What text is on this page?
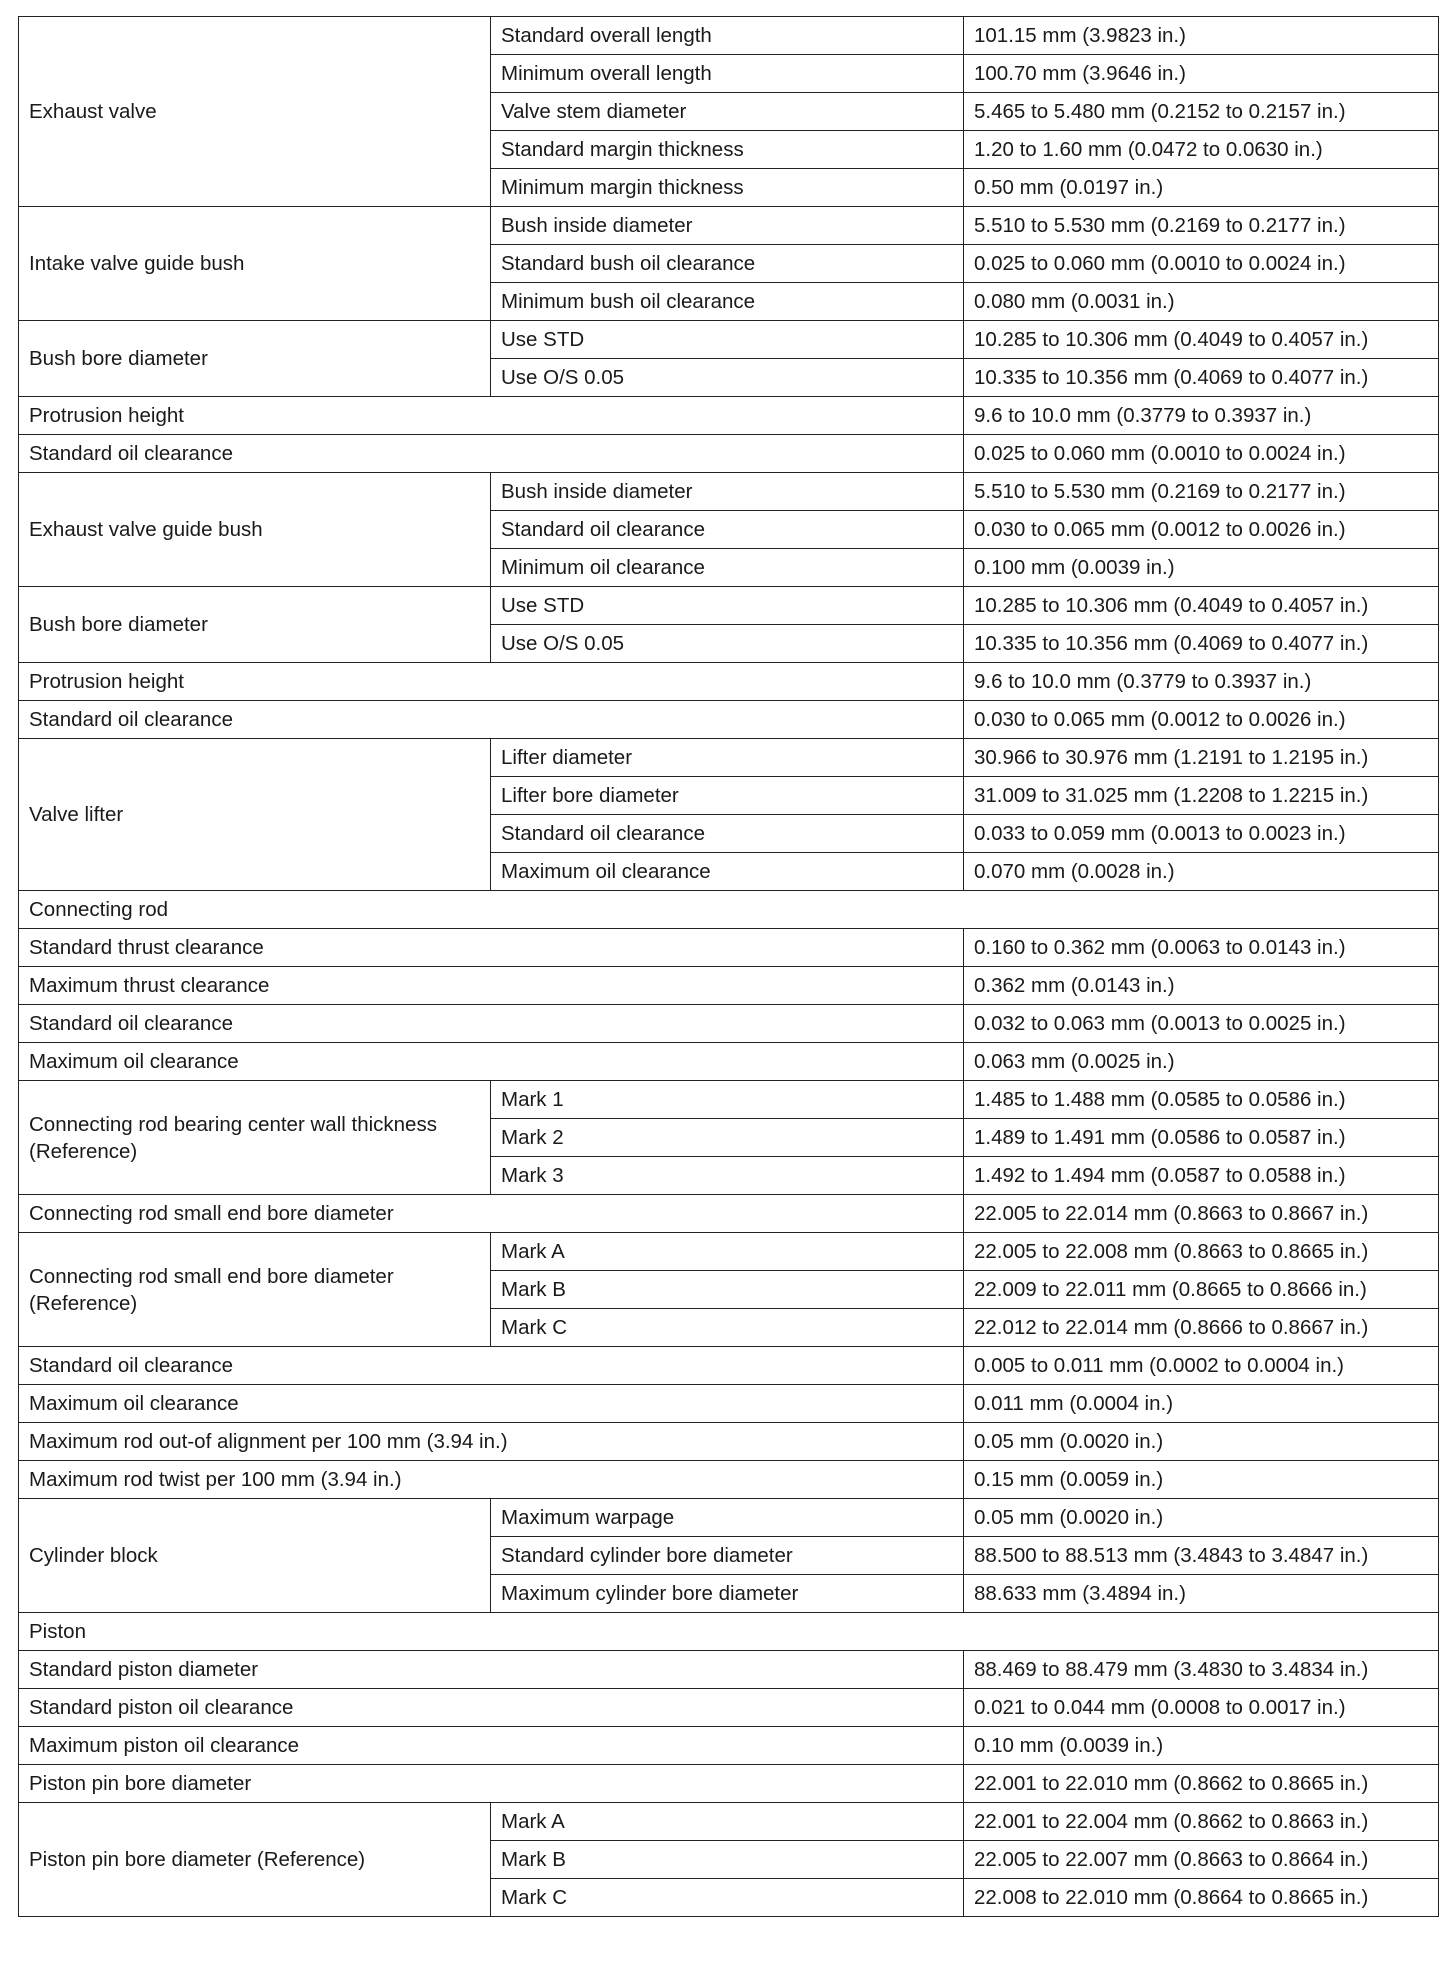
Exhaust valve	Standard overall length	101.15 mm (3.9823 in.)
	Minimum overall length	100.70 mm (3.9646 in.)
	Valve stem diameter	5.465 to 5.480 mm (0.2152 to 0.2157 in.)
	Standard margin thickness	1.20 to 1.60 mm (0.0472 to 0.0630 in.)
	Minimum margin thickness	0.50 mm (0.0197 in.)
Intake valve guide bush	Bush inside diameter	5.510 to 5.530 mm (0.2169 to 0.2177 in.)
	Standard bush oil clearance	0.025 to 0.060 mm (0.0010 to 0.0024 in.)
	Minimum bush oil clearance	0.080 mm (0.0031 in.)
Bush bore diameter	Use STD	10.285 to 10.306 mm (0.4049 to 0.4057 in.)
	Use O/S 0.05	10.335 to 10.356 mm (0.4069 to 0.4077 in.)
Protrusion height		9.6 to 10.0 mm (0.3779 to 0.3937 in.)
Standard oil clearance		0.025 to 0.060 mm (0.0010 to 0.0024 in.)
Exhaust valve guide bush	Bush inside diameter	5.510 to 5.530 mm (0.2169 to 0.2177 in.)
	Standard oil clearance	0.030 to 0.065 mm (0.0012 to 0.0026 in.)
	Minimum oil clearance	0.100 mm (0.0039 in.)
Bush bore diameter	Use STD	10.285 to 10.306 mm (0.4049 to 0.4057 in.)
	Use O/S 0.05	10.335 to 10.356 mm (0.4069 to 0.4077 in.)
Protrusion height		9.6 to 10.0 mm (0.3779 to 0.3937 in.)
Standard oil clearance		0.030 to 0.065 mm (0.0012 to 0.0026 in.)
Valve lifter	Lifter diameter	30.966 to 30.976 mm (1.2191 to 1.2195 in.)
	Lifter bore diameter	31.009 to 31.025 mm (1.2208 to 1.2215 in.)
	Standard oil clearance	0.033 to 0.059 mm (0.0013 to 0.0023 in.)
	Maximum oil clearance	0.070 mm (0.0028 in.)
Connecting rod		
Standard thrust clearance		0.160 to 0.362 mm (0.0063 to 0.0143 in.)
Maximum thrust clearance		0.362 mm (0.0143 in.)
Standard oil clearance		0.032 to 0.063 mm (0.0013 to 0.0025 in.)
Maximum oil clearance		0.063 mm (0.0025 in.)
Connecting rod bearing center wall thickness (Reference)	Mark 1	1.485 to 1.488 mm (0.0585 to 0.0586 in.)
	Mark 2	1.489 to 1.491 mm (0.0586 to 0.0587 in.)
	Mark 3	1.492 to 1.494 mm (0.0587 to 0.0588 in.)
Connecting rod small end bore diameter		22.005 to 22.014 mm (0.8663 to 0.8667 in.)
Connecting rod small end bore diameter (Reference)	Mark A	22.005 to 22.008 mm (0.8663 to 0.8665 in.)
	Mark B	22.009 to 22.011 mm (0.8665 to 0.8666 in.)
	Mark C	22.012 to 22.014 mm (0.8666 to 0.8667 in.)
Standard oil clearance		0.005 to 0.011 mm (0.0002 to 0.0004 in.)
Maximum oil clearance		0.011 mm (0.0004 in.)
Maximum rod out-of alignment per 100 mm (3.94 in.)		0.05 mm (0.0020 in.)
Maximum rod twist per 100 mm (3.94 in.)		0.15 mm (0.0059 in.)
Cylinder block	Maximum warpage	0.05 mm (0.0020 in.)
	Standard cylinder bore diameter	88.500 to 88.513 mm (3.4843 to 3.4847 in.)
	Maximum cylinder bore diameter	88.633 mm (3.4894 in.)
Piston		
Standard piston diameter		88.469 to 88.479 mm (3.4830 to 3.4834 in.)
Standard piston oil clearance		0.021 to 0.044 mm (0.0008 to 0.0017 in.)
Maximum piston oil clearance		0.10 mm (0.0039 in.)
Piston pin bore diameter		22.001 to 22.010 mm (0.8662 to 0.8665 in.)
Piston pin bore diameter (Reference)	Mark A	22.001 to 22.004 mm (0.8662 to 0.8663 in.)
	Mark B	22.005 to 22.007 mm (0.8663 to 0.8664 in.)
	Mark C	22.008 to 22.010 mm (0.8664 to 0.8665 in.)
